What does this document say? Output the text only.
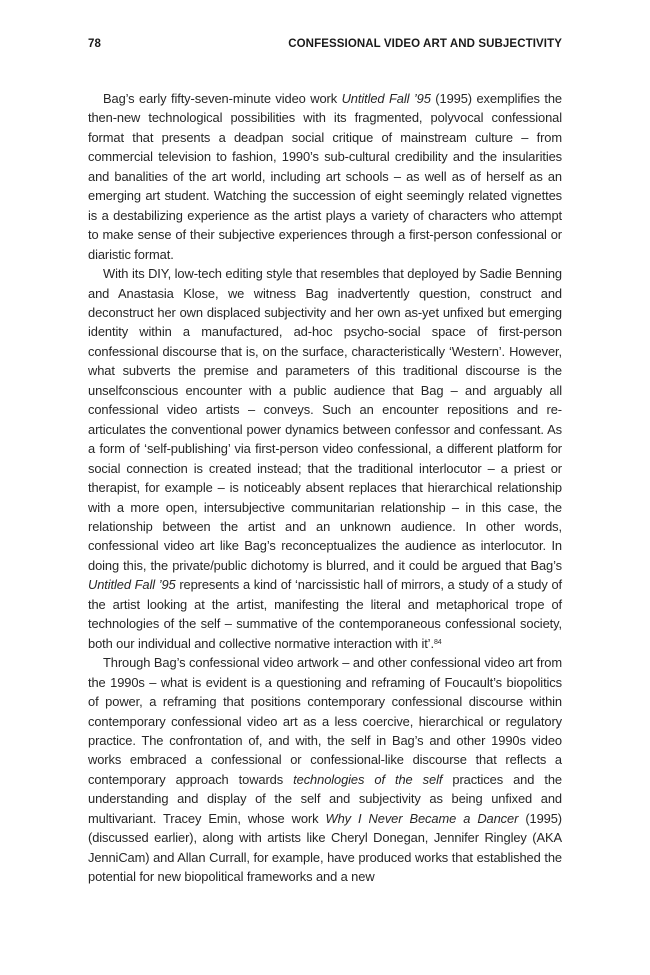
78	CONFESSIONAL VIDEO ART AND SUBJECTIVITY

Bag’s early fifty-seven-minute video work Untitled Fall ’95 (1995) exemplifies the then-new technological possibilities with its fragmented, polyvocal confessional format that presents a deadpan social critique of mainstream culture – from commercial television to fashion, 1990’s sub-cultural credibility and the insularities and banalities of the art world, including art schools – as well as of herself as an emerging art student. Watching the succession of eight seemingly related vignettes is a destabilizing experience as the artist plays a variety of characters who attempt to make sense of their subjective experiences through a first-person confessional or diaristic format.

With its DIY, low-tech editing style that resembles that deployed by Sadie Benning and Anastasia Klose, we witness Bag inadvertently question, construct and deconstruct her own displaced subjectivity and her own as-yet unfixed but emerging identity within a manufactured, ad-hoc psycho-social space of first-person confessional discourse that is, on the surface, characteristically ‘Western’. However, what subverts the premise and parameters of this traditional discourse is the unselfconscious encounter with a public audience that Bag – and arguably all confessional video artists – conveys. Such an encounter repositions and re-articulates the conventional power dynamics between confessor and confessant. As a form of ‘self-publishing’ via first-person video confessional, a different platform for social connection is created instead; that the traditional interlocutor – a priest or therapist, for example – is noticeably absent replaces that hierarchical relationship with a more open, intersubjective communitarian relationship – in this case, the relationship between the artist and an unknown audience. In other words, confessional video art like Bag’s reconceptualizes the audience as interlocutor. In doing this, the private/public dichotomy is blurred, and it could be argued that Bag’s Untitled Fall ’95 represents a kind of ‘narcissistic hall of mirrors, a study of a study of the artist looking at the artist, manifesting the literal and metaphorical trope of technologies of the self – summative of the contemporaneous confessional society, both our individual and collective normative interaction with it’.$^{84}$

Through Bag’s confessional video artwork – and other confessional video art from the 1990s – what is evident is a questioning and reframing of Foucault’s biopolitics of power, a reframing that positions contemporary confessional discourse within contemporary confessional video art as a less coercive, hierarchical or regulatory practice. The confrontation of, and with, the self in Bag’s and other 1990s video works embraced a confessional or confessional-like discourse that reflects a contemporary approach towards technologies of the self practices and the understanding and display of the self and subjectivity as being unfixed and multivariant. Tracey Emin, whose work Why I Never Became a Dancer (1995) (discussed earlier), along with artists like Cheryl Donegan, Jennifer Ringley (AKA JenniCam) and Allan Currall, for example, have produced works that established the potential for new biopolitical frameworks and a new
